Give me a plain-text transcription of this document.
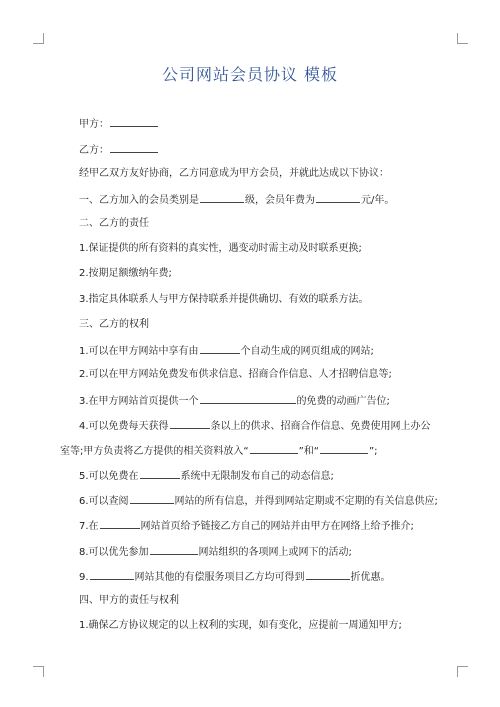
公司网站会员协议 模板
甲方：
乙方：
经甲乙双方友好协商，乙方同意成为甲方会员，并就此达成以下协议：
一、乙方加入的会员类别是	级，会员年费为	元/年。
二、乙方的责任
1.保证提供的所有资料的真实性，遇变动时需主动及时联系更换;
2.按期足额缴纳年费;
3.指定具体联系人与甲方保持联系并提供确切、有效的联系方法。
三、乙方的权利
1.可以在甲方网站中享有由	个自动生成的网页组成的网站;
2.可以在甲方网站免费发布供求信息、招商合作信息、人才招聘信息等;
3.在甲方网站首页提供一个	的免费的动画广告位;
4.可以免费每天获得	条以上的供求、招商合作信息、免费使用网上办公
室等;甲方负责将乙方提供的相关资料放入“	”和“	”;
5.可以免费在	系统中无限制发布自己的动态信息;
6.可以查阅	网站的所有信息，并得到网站定期或不定期的有关信息供应;
7.在	网站首页给予链接乙方自己的网站并由甲方在网络上给予推介;
8.可以优先参加	网站组织的各项网上或网下的活动;
9.	网站其他的有偿服务项目乙方均可得到	折优惠。
四、甲方的责任与权利
1.确保乙方协议规定的以上权利的实现，如有变化，应提前一周通知甲方;
